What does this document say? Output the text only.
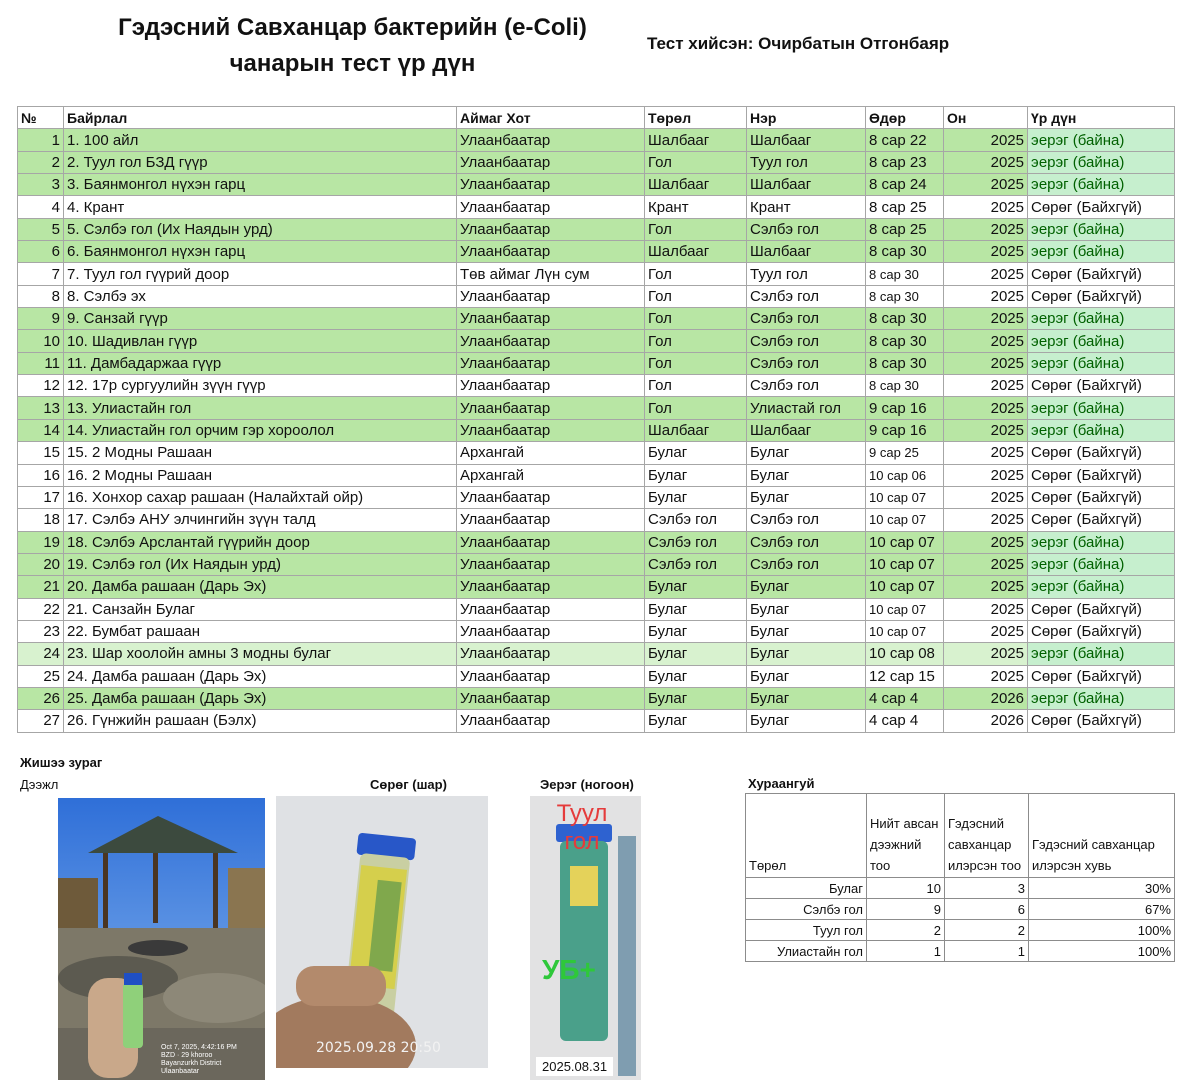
Гэдэсний Савханцар бактерийн (e-Coli)
чанарын тест үр дүн
Тест хийсэн: Очирбатын Отгонбаяр
№	Байрлал	Аймаг Хот	Төрөл	Нэр	Өдөр	Он	Үр дүн
1	1. 100 айл	Улаанбаатар	Шалбааг	Шалбааг	8 сар 22	2025	эерэг (байна)
2	2. Туул гол БЗД гүүр	Улаанбаатар	Гол	Туул гол	8 сар 23	2025	эерэг (байна)
3	3. Баянмонгол нүхэн гарц	Улаанбаатар	Шалбааг	Шалбааг	8 сар 24	2025	эерэг (байна)
4	4. Крант	Улаанбаатар	Крант	Крант	8 сар 25	2025	Сөрөг (Байхгүй)
5	5. Сэлбэ гол (Их Наядын урд)	Улаанбаатар	Гол	Сэлбэ гол	8 сар 25	2025	эерэг (байна)
6	6. Баянмонгол нүхэн гарц	Улаанбаатар	Шалбааг	Шалбааг	8 сар 30	2025	эерэг (байна)
7	7. Туул гол гүүрий доор	Төв аймаг Лүн сум	Гол	Туул гол	8 сар 30	2025	Сөрөг (Байхгүй)
8	8. Сэлбэ эх	Улаанбаатар	Гол	Сэлбэ гол	8 сар 30	2025	Сөрөг (Байхгүй)
9	9. Санзай гүүр	Улаанбаатар	Гол	Сэлбэ гол	8 сар 30	2025	эерэг (байна)
10	10. Шадивлан гүүр	Улаанбаатар	Гол	Сэлбэ гол	8 сар 30	2025	эерэг (байна)
11	11. Дамбадаржаа гүүр	Улаанбаатар	Гол	Сэлбэ гол	8 сар 30	2025	эерэг (байна)
12	12. 17р сургуулийн зүүн гүүр	Улаанбаатар	Гол	Сэлбэ гол	8 сар 30	2025	Сөрөг (Байхгүй)
13	13. Улиастайн гол	Улаанбаатар	Гол	Улиастай гол	9 сар 16	2025	эерэг (байна)
14	14. Улиастайн гол орчим гэр хороолол	Улаанбаатар	Шалбааг	Шалбааг	9 сар 16	2025	эерэг (байна)
15	15. 2 Модны Рашаан	Архангай	Булаг	Булаг	9 сар 25	2025	Сөрөг (Байхгүй)
16	16. 2 Модны Рашаан	Архангай	Булаг	Булаг	10 сар 06	2025	Сөрөг (Байхгүй)
17	16. Хонхор сахар рашаан (Налайхтай ойр)	Улаанбаатар	Булаг	Булаг	10 сар 07	2025	Сөрөг (Байхгүй)
18	17. Сэлбэ АНУ элчингийн зүүн талд	Улаанбаатар	Сэлбэ гол	Сэлбэ гол	10 сар 07	2025	Сөрөг (Байхгүй)
19	18. Сэлбэ Арслантай гүүрийн доор	Улаанбаатар	Сэлбэ гол	Сэлбэ гол	10 сар 07	2025	эерэг (байна)
20	19. Сэлбэ гол (Их Наядын урд)	Улаанбаатар	Сэлбэ гол	Сэлбэ гол	10 сар 07	2025	эерэг (байна)
21	20. Дамба рашаан (Дарь Эх)	Улаанбаатар	Булаг	Булаг	10 сар 07	2025	эерэг (байна)
22	21. Санзайн Булаг	Улаанбаатар	Булаг	Булаг	10 сар 07	2025	Сөрөг (Байхгүй)
23	22. Бумбат рашаан	Улаанбаатар	Булаг	Булаг	10 сар 07	2025	Сөрөг (Байхгүй)
24	23. Шар хоолойн амны 3 модны булаг	Улаанбаатар	Булаг	Булаг	10 сар 08	2025	эерэг (байна)
25	24. Дамба рашаан (Дарь Эх)	Улаанбаатар	Булаг	Булаг	12 сар 15	2025	Сөрөг (Байхгүй)
26	25. Дамба рашаан (Дарь Эх)	Улаанбаатар	Булаг	Булаг	4 сар 4	2026	эерэг (байна)
27	26. Гүнжийн рашаан (Бэлх)	Улаанбаатар	Булаг	Булаг	4 сар 4	2026	Сөрөг (Байхгүй)
Жишээ зураг
Дээжл	Сөрөг (шар)	Эерэг (ногоон)
Oct 7, 2025, 4:42:16 PM
BZD · 29 khoroo
Bayanzurkh District
Ulaanbaatar
2025.09.28 20:50
Туул гол
УБ+
2025.08.31
Хураангуй
Төрөл	Нийт авсан дээжний тоо	Гэдэсний савханцар илэрсэн тоо	Гэдэсний савханцар илэрсэн хувь
Булаг	10	3	30%
Сэлбэ гол	9	6	67%
Туул гол	2	2	100%
Улиастайн гол	1	1	100%
